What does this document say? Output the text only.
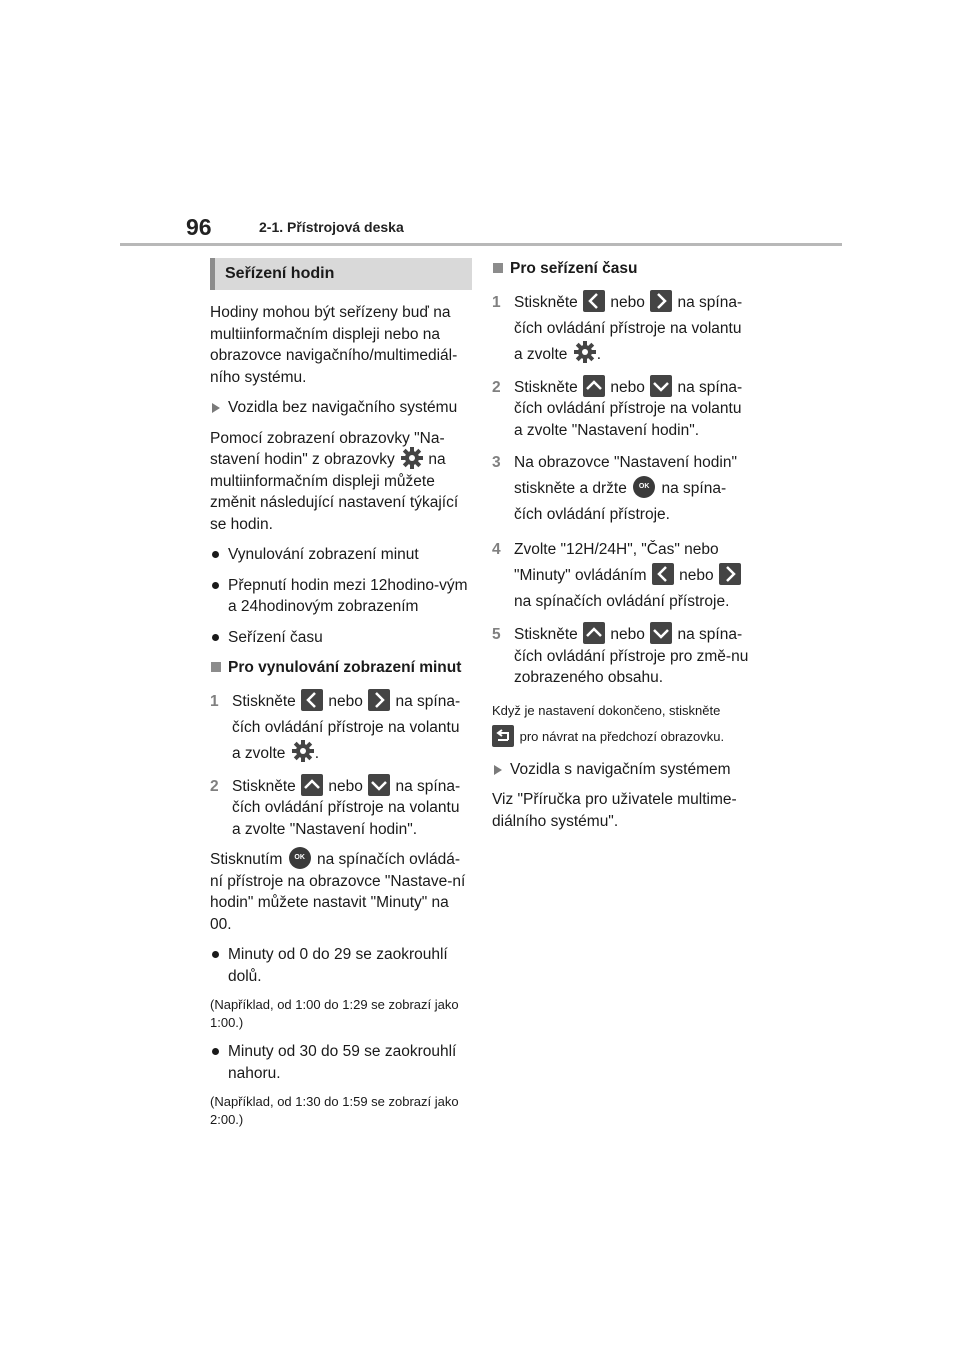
96	2-1. Přístrojová deska
Seřízení hodin

Hodiny mohou být seřízeny buď na multiinformačním displeji nebo na obrazovce navigačního/multimediál-ního systému.

Vozidla bez navigačního systému

Pomocí zobrazení obrazovky "Na-stavení hodin" z obrazovky na multiinformačním displeji můžete změnit následující nastavení týkající se hodin.

Vynulování zobrazení minut
Přepnutí hodin mezi 12hodino-vým a 24hodinovým zobrazením
Seřízení času
Pro vynulování zobrazení minut
1 Stiskněte nebo na spína-čích ovládání přístroje na volantu a zvolte .
2 Stiskněte nebo na spína-čích ovládání přístroje na volantu a zvolte "Nastavení hodin".

Stisknutím OK na spínačích ovládá-ní přístroje na obrazovce "Nastave-ní hodin" můžete nastavit "Minuty" na 00.

Minuty od 0 do 29 se zaokrouhlí dolů.

(Například, od 1:00 do 1:29 se zobrazí jako 1:00.)

Minuty od 30 do 59 se zaokrouhlí nahoru.

(Například, od 1:30 do 1:59 se zobrazí jako 2:00.)

Pro seřízení času
1 Stiskněte nebo na spína-čích ovládání přístroje na volantu a zvolte .
2 Stiskněte nebo na spína-čích ovládání přístroje na volantu a zvolte "Nastavení hodin".
3 Na obrazovce "Nastavení hodin" stiskněte a držte OK na spína-čích ovládání přístroje.
4 Zvolte "12H/24H", "Čas" nebo "Minuty" ovládáním nebo
na spínačích ovládání přístroje.
5 Stiskněte nebo na spína-čích ovládání přístroje pro změ-nu zobrazeného obsahu.

Když je nastavení dokončeno, stiskněte

pro návrat na předchozí obrazovku.

Vozidla s navigačním systémem

Viz "Příručka pro uživatele multime-diálního systému".
